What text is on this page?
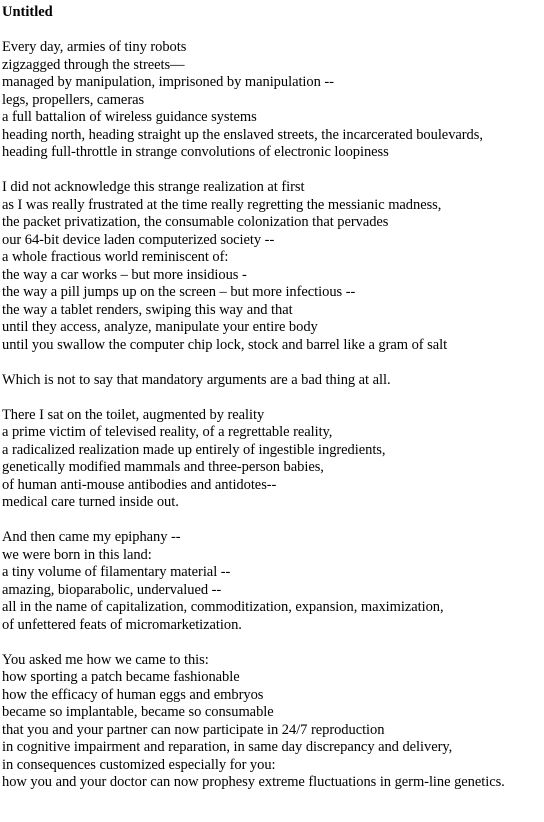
Untitled
Every day, armies of tiny robots
zigzagged through the streets—
managed by manipulation, imprisoned by manipulation --
legs, propellers, cameras
a full battalion of wireless guidance systems
heading north, heading straight up the enslaved streets, the incarcerated boulevards,
heading full-throttle in strange convolutions of electronic loopiness
I did not acknowledge this strange realization at first
as I was really frustrated at the time really regretting the messianic madness,
the packet privatization, the consumable colonization that pervades
our 64-bit device laden computerized society --
a whole fractious world reminiscent of:
the way a car works – but more insidious -
the way a pill jumps up on the screen – but more infectious --
the way a tablet renders, swiping this way and that
until they access, analyze, manipulate your entire body
until you swallow the computer chip lock, stock and barrel like a gram of salt
Which is not to say that mandatory arguments are a bad thing at all.
There I sat on the toilet, augmented by reality
a prime victim of televised reality, of a regrettable reality,
a radicalized realization made up entirely of ingestible ingredients,
genetically modified mammals and three-person babies,
of human anti-mouse antibodies and antidotes--
medical care turned inside out.
And then came my epiphany --
we were born in this land:
a tiny volume of filamentary material --
amazing, bioparabolic, undervalued --
all in the name of capitalization, commoditization, expansion, maximization,
of unfettered feats of micromarketization.
You asked me how we came to this:
how sporting a patch became fashionable
how the efficacy of human eggs and embryos
became so implantable, became so consumable
that you and your partner can now participate in 24/7 reproduction
in cognitive impairment and reparation, in same day discrepancy and delivery,
in consequences customized especially for you:
how you and your doctor can now prophesy extreme fluctuations in germ-line genetics.
